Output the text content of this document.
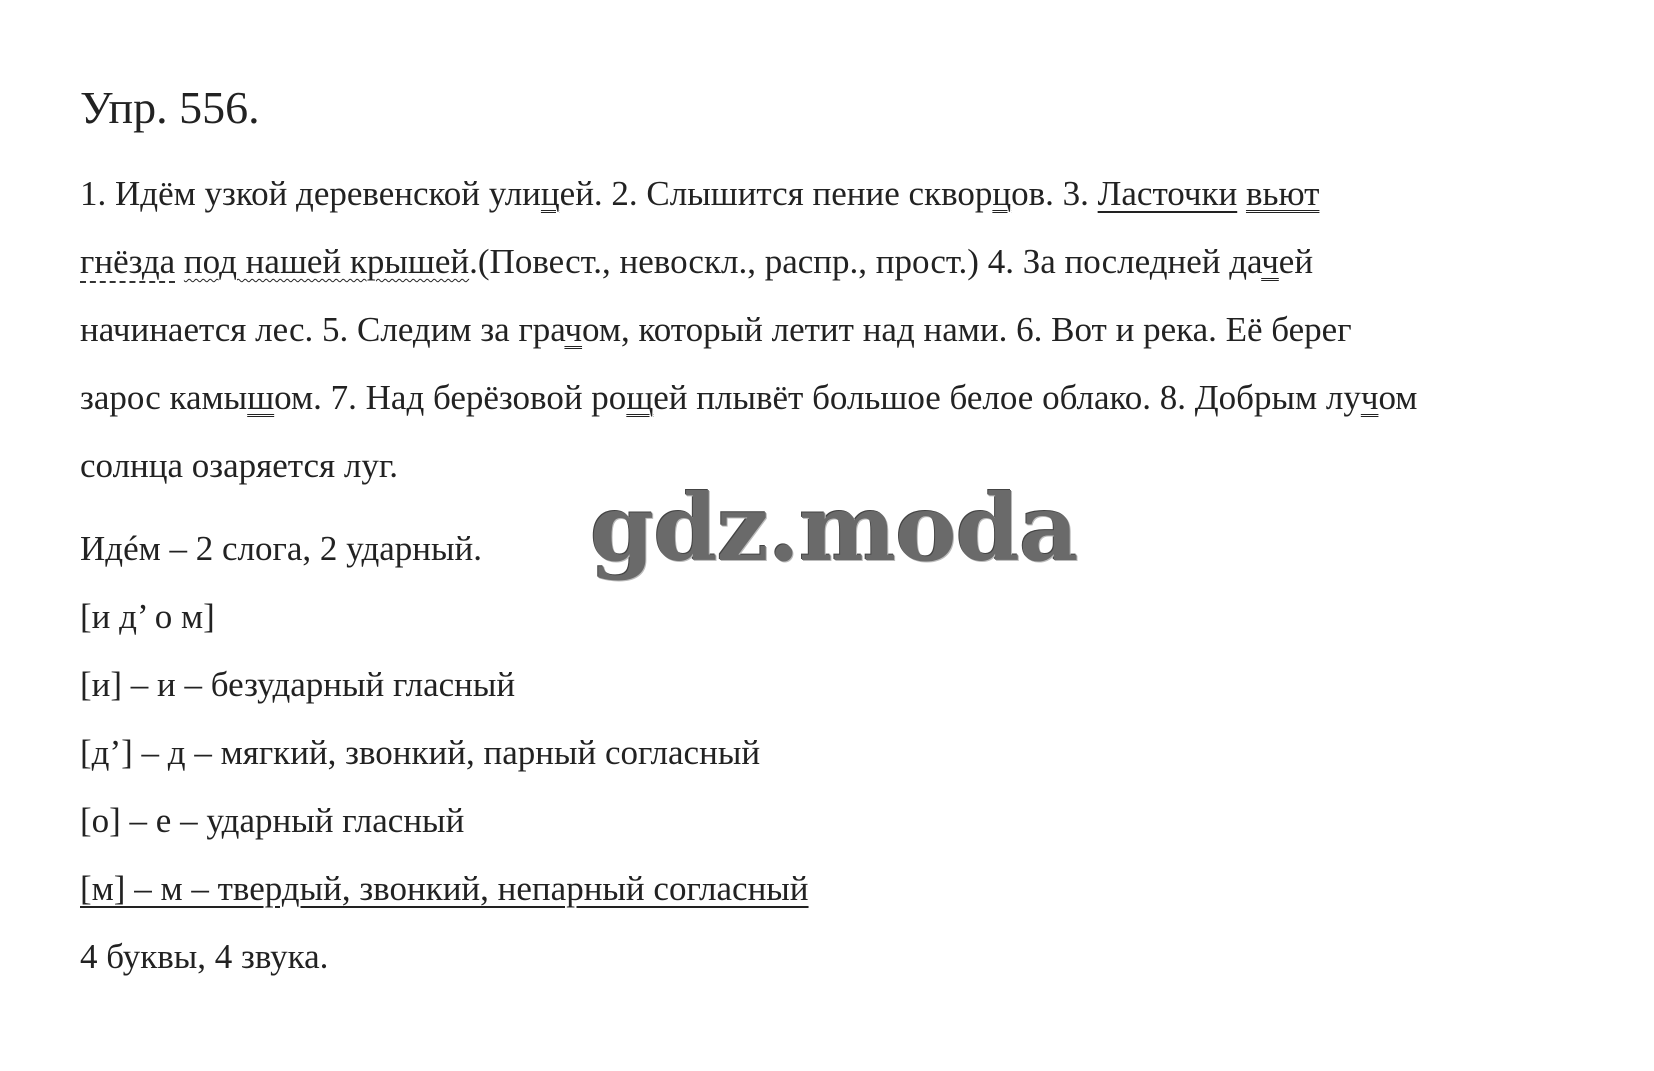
Упр. 556.
1. Идём узкой деревенской улицей. 2. Слышится пение скворцов. 3. Ласточки вьют
гнёзда под нашей крышей.(Повест., невоскл., распр., прост.) 4. За последней дачей
начинается лес. 5. Следим за грачом, который летит над нами. 6. Вот и река. Её берег
зарос камышом. 7. Над берёзовой рощей плывёт большое белое облако. 8. Добрым лучом
солнца озаряется луг.
Идéм – 2 слога, 2 ударный.
[и д’ о м]
[и] – и – безударный гласный
[д’] – д – мягкий, звонкий, парный согласный
[о] – е – ударный гласный
[м] – м – твердый, звонкий, непарный согласный
4 буквы, 4 звука.
gdz.moda
